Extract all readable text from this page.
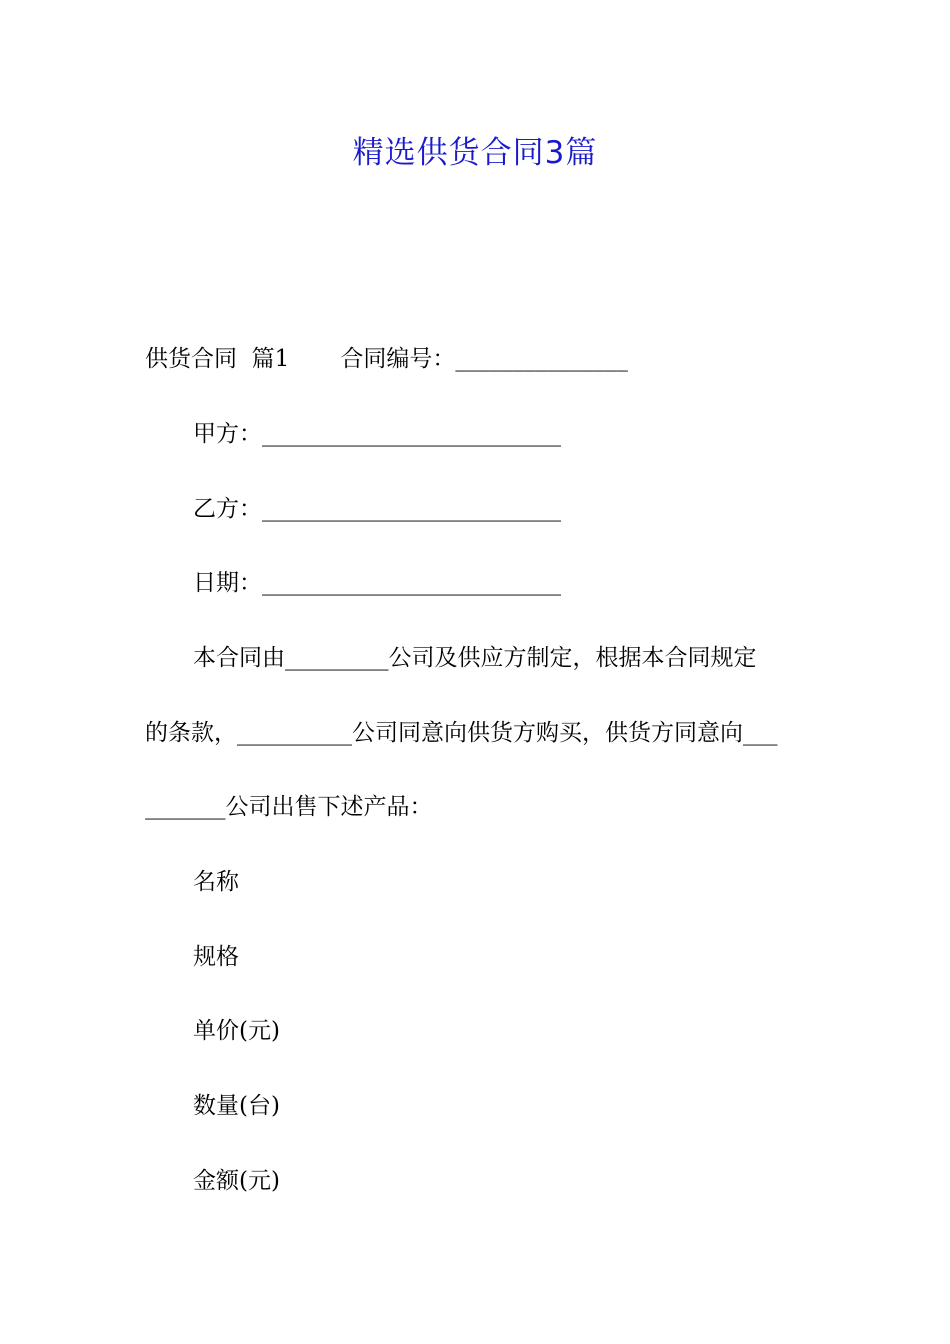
精选供货合同3篇
供货合同  篇1       合同编号：_______________
甲方：__________________________
乙方：__________________________
日期：__________________________
本合同由_________公司及供应方制定，根据本合同规定
的条款，__________公司同意向供货方购买，供货方同意向___
_______公司出售下述产品：
名称
规格
单价(元)
数量(台)
金额(元)
